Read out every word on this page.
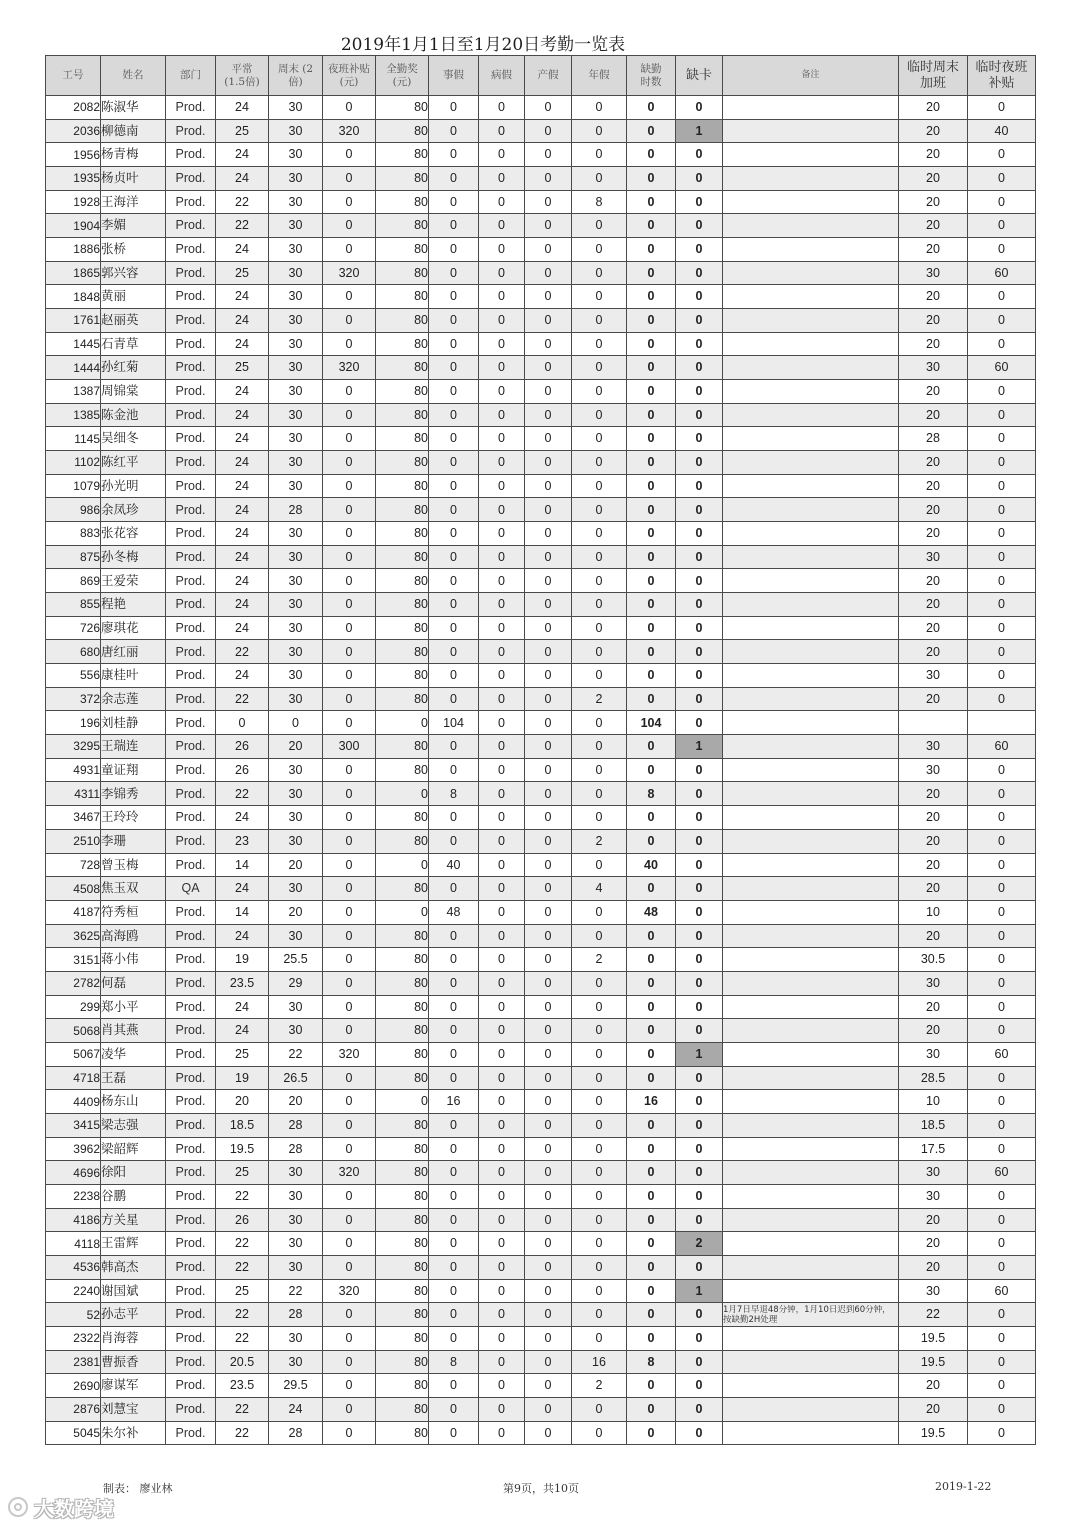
2019年1月1日至1月20日考勤一览表
工号	姓名	部门	平常 (1.5倍)	周末 (2倍)	夜班补贴 (元)	全勤奖 (元)	事假	病假	产假	年假	缺勤时数	缺卡	备注	临时周末加班	临时夜班补贴
2082	陈淑华	Prod.	24	30	0	80	0	0	0	0	0	0		20	0
2036	柳德南	Prod.	25	30	320	80	0	0	0	0	0	1		20	40
1956	杨青梅	Prod.	24	30	0	80	0	0	0	0	0	0		20	0
1935	杨贞叶	Prod.	24	30	0	80	0	0	0	0	0	0		20	0
1928	王海洋	Prod.	22	30	0	80	0	0	0	8	0	0		20	0
1904	李媚	Prod.	22	30	0	80	0	0	0	0	0	0		20	0
1886	张桥	Prod.	24	30	0	80	0	0	0	0	0	0		20	0
1865	郭兴容	Prod.	25	30	320	80	0	0	0	0	0	0		30	60
1848	黄丽	Prod.	24	30	0	80	0	0	0	0	0	0		20	0
1761	赵丽英	Prod.	24	30	0	80	0	0	0	0	0	0		20	0
1445	石青草	Prod.	24	30	0	80	0	0	0	0	0	0		20	0
1444	孙红菊	Prod.	25	30	320	80	0	0	0	0	0	0		30	60
1387	周锦棠	Prod.	24	30	0	80	0	0	0	0	0	0		20	0
1385	陈金池	Prod.	24	30	0	80	0	0	0	0	0	0		20	0
1145	吴细冬	Prod.	24	30	0	80	0	0	0	0	0	0		28	0
1102	陈红平	Prod.	24	30	0	80	0	0	0	0	0	0		20	0
1079	孙光明	Prod.	24	30	0	80	0	0	0	0	0	0		20	0
986	余凤珍	Prod.	24	28	0	80	0	0	0	0	0	0		20	0
883	张花容	Prod.	24	30	0	80	0	0	0	0	0	0		20	0
875	孙冬梅	Prod.	24	30	0	80	0	0	0	0	0	0		30	0
869	王爱荣	Prod.	24	30	0	80	0	0	0	0	0	0		20	0
855	程艳	Prod.	24	30	0	80	0	0	0	0	0	0		20	0
726	廖琪花	Prod.	24	30	0	80	0	0	0	0	0	0		20	0
680	唐红丽	Prod.	22	30	0	80	0	0	0	0	0	0		20	0
556	康桂叶	Prod.	24	30	0	80	0	0	0	0	0	0		30	0
372	余志莲	Prod.	22	30	0	80	0	0	0	2	0	0		20	0
196	刘桂静	Prod.	0	0	0	0	104	0	0	0	104	0	

3295	王瑞连	Prod.	26	20	300	80	0	0	0	0	0	1		30	60
4931	童证翔	Prod.	26	30	0	80	0	0	0	0	0	0		30	0
4311	李锦秀	Prod.	22	30	0	0	8	0	0	0	8	0		20	0
3467	王玲玲	Prod.	24	30	0	80	0	0	0	0	0	0		20	0
2510	李珊	Prod.	23	30	0	80	0	0	0	2	0	0		20	0
728	曾玉梅	Prod.	14	20	0	0	40	0	0	0	40	0		20	0
4508	焦玉双	QA	24	30	0	80	0	0	0	4	0	0		20	0
4187	符秀桓	Prod.	14	20	0	0	48	0	0	0	48	0		10	0
3625	高海鸥	Prod.	24	30	0	80	0	0	0	0	0	0		20	0
3151	蒋小伟	Prod.	19	25.5	0	80	0	0	0	2	0	0		30.5	0
2782	何磊	Prod.	23.5	29	0	80	0	0	0	0	0	0		30	0
299	郑小平	Prod.	24	30	0	80	0	0	0	0	0	0		20	0
5068	肖其燕	Prod.	24	30	0	80	0	0	0	0	0	0		20	0
5067	凌华	Prod.	25	22	320	80	0	0	0	0	0	1		30	60
4718	王磊	Prod.	19	26.5	0	80	0	0	0	0	0	0		28.5	0
4409	杨东山	Prod.	20	20	0	0	16	0	0	0	16	0		10	0
3415	梁志强	Prod.	18.5	28	0	80	0	0	0	0	0	0		18.5	0
3962	梁韶辉	Prod.	19.5	28	0	80	0	0	0	0	0	0		17.5	0
4696	徐阳	Prod.	25	30	320	80	0	0	0	0	0	0		30	60
2238	谷鹏	Prod.	22	30	0	80	0	0	0	0	0	0		30	0
4186	方关星	Prod.	26	30	0	80	0	0	0	0	0	0		20	0
4118	王雷辉	Prod.	22	30	0	80	0	0	0	0	0	2		20	0
4536	韩高杰	Prod.	22	30	0	80	0	0	0	0	0	0		20	0
2240	谢国斌	Prod.	25	22	320	80	0	0	0	0	0	1		30	60
52	孙志平	Prod.	22	28	0	80	0	0	0	0	0	0	1月7日早退48分钟，1月10日迟到60分钟，按缺勤2H处理	22	0
2322	肖海蓉	Prod.	22	30	0	80	0	0	0	0	0	0		19.5	0
2381	曹振香	Prod.	20.5	30	0	80	8	0	0	16	8	0		19.5	0
2690	廖谋军	Prod.	23.5	29.5	0	80	0	0	0	2	0	0		20	0
2876	刘慧宝	Prod.	22	24	0	80	0	0	0	0	0	0		20	0
5045	朱尔补	Prod.	22	28	0	80	0	0	0	0	0	0		19.5	0
制表： 廖业林	第9页，共10页	2019-1-22
大数跨境
